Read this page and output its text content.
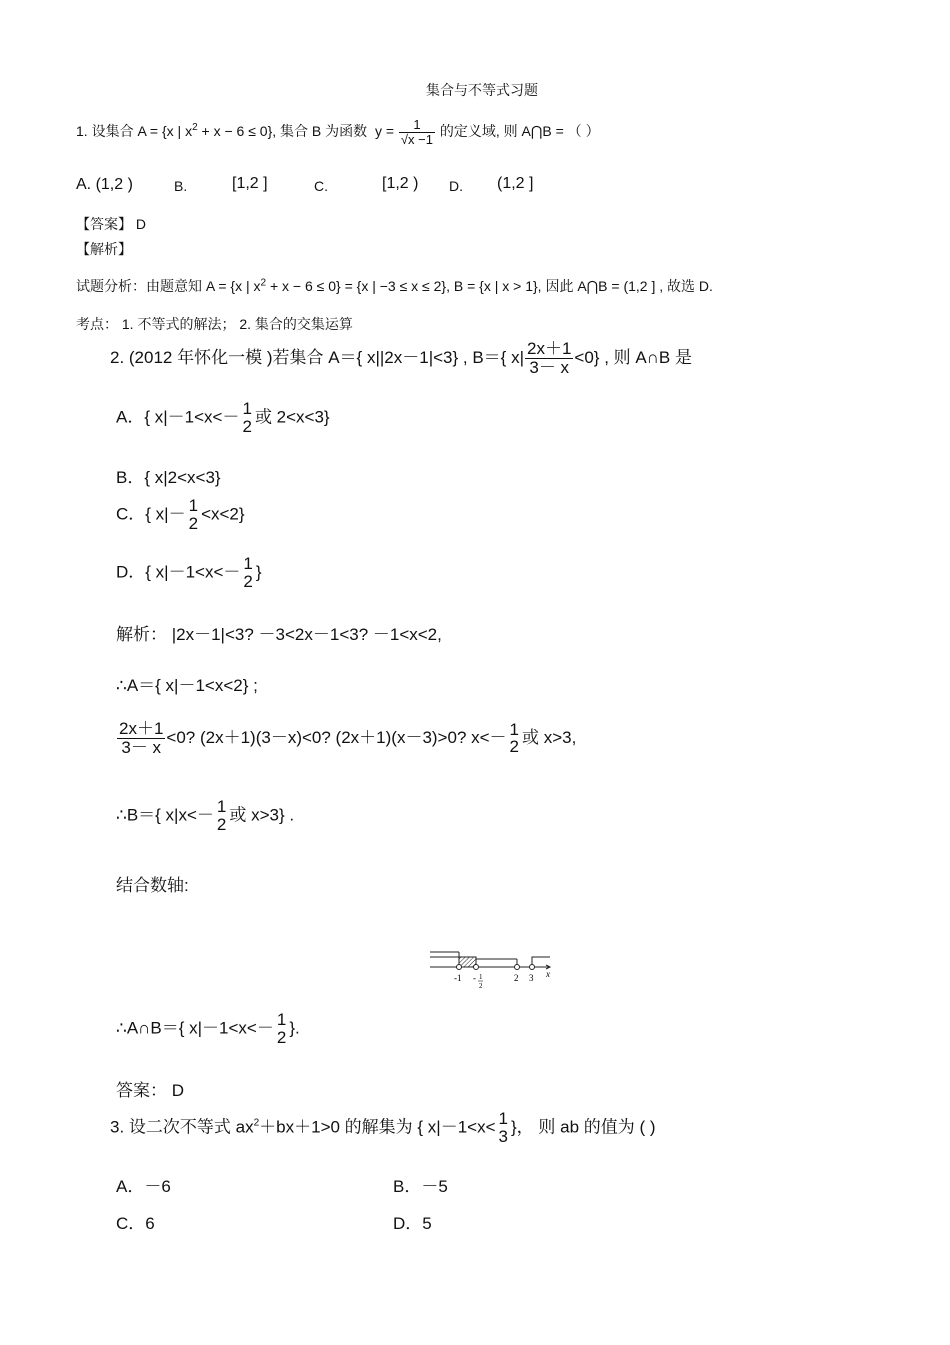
集合与不等式习题
1. 设集合 A = {x | $x^2 + x - 6 \le 0$}, 集合 B 为函数 $y = \frac{1}{√x -1}$ 的定义域, 则 A⋂B = （ ）
A. (1,2 )	B.	[1,2 ]	C.	[1,2 ) D. (1,2 ]
【答案】 D
【解析】
试题分析：由题意知 A = {x | $x^2 + x - 6 \le 0\} = \{x$ | −3 ≤ x ≤ 2}, B = {x | x > 1}, 因此 A⋂B = (1,2 ] , 故选 D.
考点： 1. 不等式的解法； 2. 集合的交集运算
2. (2012 年怀化一模 )若集合 A＝{ x||2x－1|<3} , B＝{ $x| \frac{2x+1}{3- x} <0$} , 则 A∩B 是
A．{ x|－1<x<－ 1
2
或 2<x<3}
B．{ x|2<x<3}
C．{ x|－ 1
2
<x<2}
D．{ x|－1<x<－ 1
2
}
解析： |2x－1|<3? －3<2x－1<3? －1<x<2,
∴A＝{ x|－1<x<2} ;
$\frac{2x+1}{3- x} <0$? (2x＋1)(3－x)<0? (2x＋1)(x－3)>0? x<－ 1
2
或 x>3,
∴B＝{ x|x<－ 1
2
或 x>3} .
结合数轴:
-1 - 1
2
2 3 x
∴A∩B＝{ x|－1<x<－ 1
2
}.
答案： D
3. 设二次不等式 $ax^2+bx+1>0$ 的解集为 { x|－1<x< 1
3
}， 则 ab 的值为 ( )
A．－6	B．－5
C．6	D．5
